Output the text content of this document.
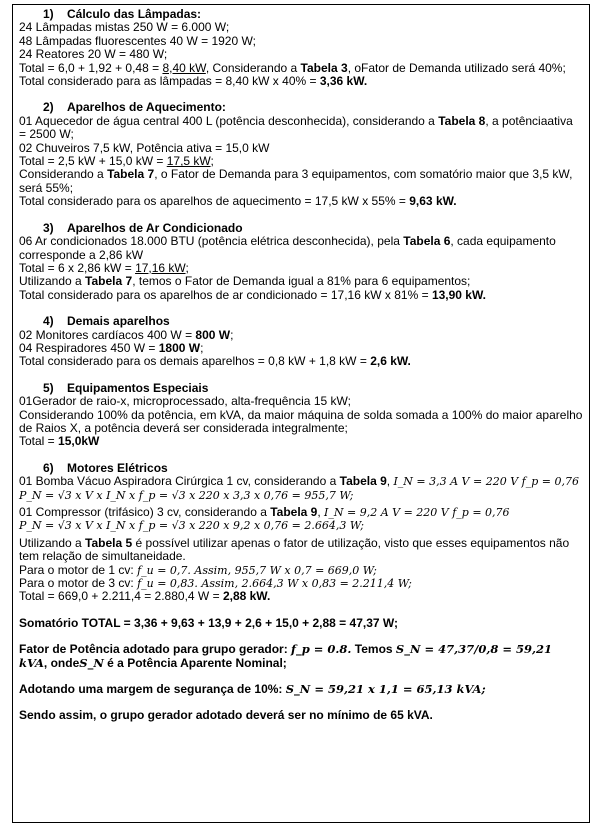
1) Cálculo das Lâmpadas:
24 Lâmpadas mistas 250 W = 6.000 W;
48 Lâmpadas fluorescentes 40 W = 1920 W;
24 Reatores 20 W = 480 W;
Total = 6,0 + 1,92 + 0,48 = 8,40 kW, Considerando a Tabela 3, oFator de Demanda utilizado será 40%;
Total considerado para as lâmpadas = 8,40 kW x 40% = 3,36 kW.
2) Aparelhos de Aquecimento:
01 Aquecedor de água central 400 L (potência desconhecida), considerando a Tabela 8, a potênciaativa = 2500 W;
02 Chuveiros 7,5 kW, Potência ativa = 15,0 kW
Total = 2,5 kW + 15,0 kW = 17,5 kW;
Considerando a Tabela 7, o Fator de Demanda para 3 equipamentos, com somatório maior que 3,5 kW, será 55%;
Total considerado para os aparelhos de aquecimento = 17,5 kW x 55% = 9,63 kW.
3) Aparelhos de Ar Condicionado
06 Ar condicionados 18.000 BTU (potência elétrica desconhecida), pela Tabela 6, cada equipamento corresponde a 2,86 kW
Total = 6 x 2,86 kW = 17,16 kW;
Utilizando a Tabela 7, temos o Fator de Demanda igual a 81% para 6 equipamentos;
Total considerado para os aparelhos de ar condicionado = 17,16 kW x 81% = 13,90 kW.
4) Demais aparelhos
02 Monitores cardíacos 400 W = 800 W;
04 Respiradores 450 W = 1800 W;
Total considerado para os demais aparelhos = 0,8 kW + 1,8 kW = 2,6 kW.
5) Equipamentos Especiais
01Gerador de raio-x, microprocessado, alta-frequência 15 kW;
Considerando 100% da potência, em kVA, da maior máquina de solda somada a 100% do maior aparelho de Raios X, a potência deverá ser considerada integralmente;
Total = 15,0kW
6) Motores Elétricos
01 Bomba Vácuo Aspiradora Cirúrgica 1 cv, considerando a Tabela 9, I_N = 3,3 A V = 220 V f_p = 0,76
P_N = √3 x V x I_N x f_p = √3 x 220 x 3,3 x 0,76 = 955,7 W;
01 Compressor (trifásico) 3 cv, considerando a Tabela 9, I_N = 9,2 A V = 220 V f_p = 0,76
P_N = √3 x V x I_N x f_p = √3 x 220 x 9,2 x 0,76 = 2.664,3 W;
Utilizando a Tabela 5 é possível utilizar apenas o fator de utilização, visto que esses equipamentos não tem relação de simultaneidade.
Para o motor de 1 cv: f_u = 0,7. Assim, 955,7 W x 0,7 = 669,0 W;
Para o motor de 3 cv: f_u = 0,83. Assim, 2.664,3 W x 0,83 = 2.211,4 W;
Total = 669,0 + 2.211,4 = 2.880,4 W = 2,88 kW.
Somatório TOTAL = 3,36 + 9,63 + 13,9 + 2,6 + 15,0 + 2,88 = 47,37 W;
Fator de Potência adotado para grupo gerador: f_p = 0.8. Temos S_N = 47,37/0,8 = 59,21 kVA, ondeS_N é a Potência Aparente Nominal;
Adotando uma margem de segurança de 10%: S_N = 59,21 x 1,1 = 65,13 kVA;
Sendo assim, o grupo gerador adotado deverá ser no mínimo de 65 kVA.
